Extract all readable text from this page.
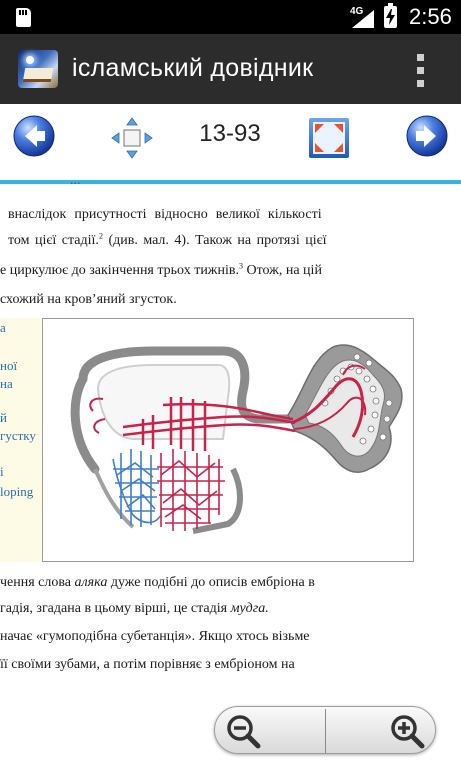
4G 2:56
ісламський довідник
13-93
...
внаслідок присутності відносно великої кількості
том цієї стадії.$^2$ (див. мал. 4). Також на протязі цієї
е циркулює до закінчення трьох тижнів.$^3$ Отож, на цій
схожий на кров’яний згусток.
а
ної
на
й
густку
і
loping
чення слова аляка дуже подібні до описів ембріона в
гадія, згадана в цьому вірші, це стадія мудга.
начає «гумоподібна субетанція». Якщо хтось візьме
її своїми зубами, а потім порівняє з ембріоном на
